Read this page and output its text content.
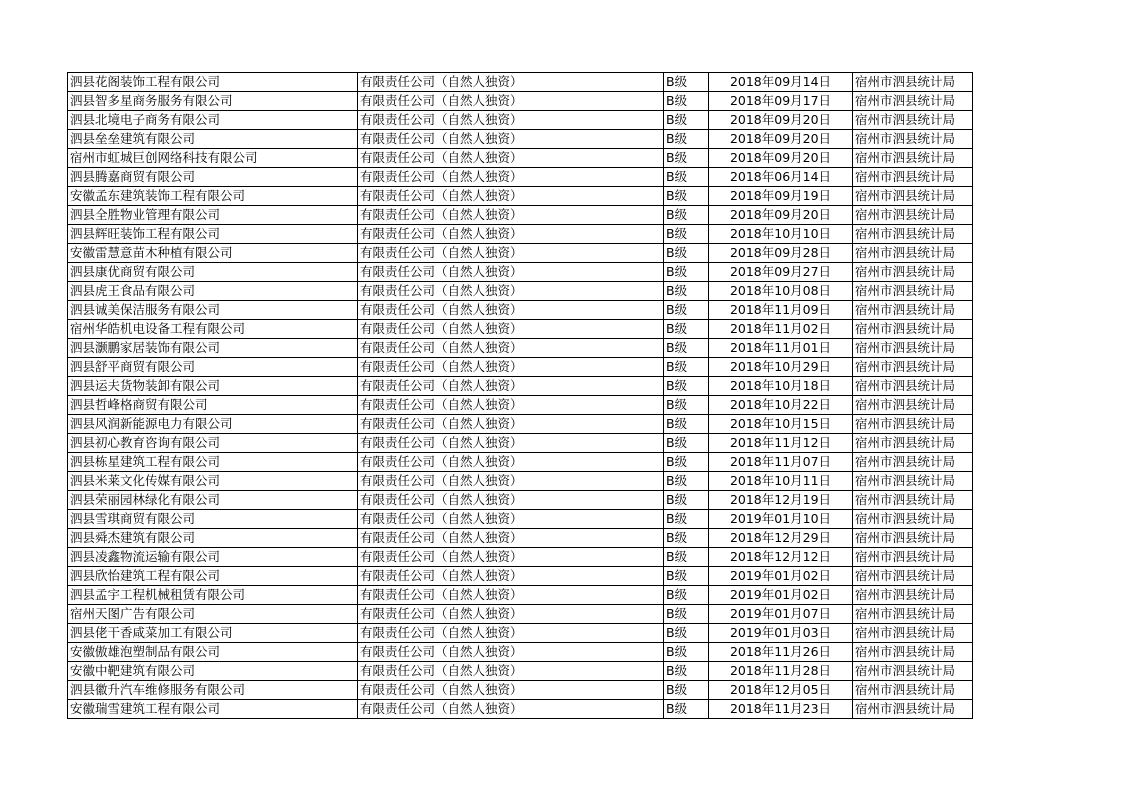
泗县花阁装饰工程有限公司	有限责任公司（自然人独资）	B级	2018年09月14日	宿州市泗县统计局
泗县智多星商务服务有限公司	有限责任公司（自然人独资）	B级	2018年09月17日	宿州市泗县统计局
泗县北境电子商务有限公司	有限责任公司（自然人独资）	B级	2018年09月20日	宿州市泗县统计局
泗县垒垒建筑有限公司	有限责任公司（自然人独资）	B级	2018年09月20日	宿州市泗县统计局
宿州市虹城巨创网络科技有限公司	有限责任公司（自然人独资）	B级	2018年09月20日	宿州市泗县统计局
泗县腾嘉商贸有限公司	有限责任公司（自然人独资）	B级	2018年06月14日	宿州市泗县统计局
安徽孟东建筑装饰工程有限公司	有限责任公司（自然人独资）	B级	2018年09月19日	宿州市泗县统计局
泗县全胜物业管理有限公司	有限责任公司（自然人独资）	B级	2018年09月20日	宿州市泗县统计局
泗县辉旺装饰工程有限公司	有限责任公司（自然人独资）	B级	2018年10月10日	宿州市泗县统计局
安徽雷慧意苗木种植有限公司	有限责任公司（自然人独资）	B级	2018年09月28日	宿州市泗县统计局
泗县康优商贸有限公司	有限责任公司（自然人独资）	B级	2018年09月27日	宿州市泗县统计局
泗县虎王食品有限公司	有限责任公司（自然人独资）	B级	2018年10月08日	宿州市泗县统计局
泗县诚美保洁服务有限公司	有限责任公司（自然人独资）	B级	2018年11月09日	宿州市泗县统计局
宿州华皓机电设备工程有限公司	有限责任公司（自然人独资）	B级	2018年11月02日	宿州市泗县统计局
泗县灏鹏家居装饰有限公司	有限责任公司（自然人独资）	B级	2018年11月01日	宿州市泗县统计局
泗县舒平商贸有限公司	有限责任公司（自然人独资）	B级	2018年10月29日	宿州市泗县统计局
泗县运夫货物装卸有限公司	有限责任公司（自然人独资）	B级	2018年10月18日	宿州市泗县统计局
泗县哲峰格商贸有限公司	有限责任公司（自然人独资）	B级	2018年10月22日	宿州市泗县统计局
泗县风润新能源电力有限公司	有限责任公司（自然人独资）	B级	2018年10月15日	宿州市泗县统计局
泗县初心教育咨询有限公司	有限责任公司（自然人独资）	B级	2018年11月12日	宿州市泗县统计局
泗县栋星建筑工程有限公司	有限责任公司（自然人独资）	B级	2018年11月07日	宿州市泗县统计局
泗县米莱文化传媒有限公司	有限责任公司（自然人独资）	B级	2018年10月11日	宿州市泗县统计局
泗县荣丽园林绿化有限公司	有限责任公司（自然人独资）	B级	2018年12月19日	宿州市泗县统计局
泗县雪琪商贸有限公司	有限责任公司（自然人独资）	B级	2019年01月10日	宿州市泗县统计局
泗县舜杰建筑有限公司	有限责任公司（自然人独资）	B级	2018年12月29日	宿州市泗县统计局
泗县凌鑫物流运输有限公司	有限责任公司（自然人独资）	B级	2018年12月12日	宿州市泗县统计局
泗县欣怡建筑工程有限公司	有限责任公司（自然人独资）	B级	2019年01月02日	宿州市泗县统计局
泗县孟宇工程机械租赁有限公司	有限责任公司（自然人独资）	B级	2019年01月02日	宿州市泗县统计局
宿州天图广告有限公司	有限责任公司（自然人独资）	B级	2019年01月07日	宿州市泗县统计局
泗县佬干香咸菜加工有限公司	有限责任公司（自然人独资）	B级	2019年01月03日	宿州市泗县统计局
安徽傲雄泡塑制品有限公司	有限责任公司（自然人独资）	B级	2018年11月26日	宿州市泗县统计局
安徽中靶建筑有限公司	有限责任公司（自然人独资）	B级	2018年11月28日	宿州市泗县统计局
泗县徽升汽车维修服务有限公司	有限责任公司（自然人独资）	B级	2018年12月05日	宿州市泗县统计局
安徽瑞雪建筑工程有限公司	有限责任公司（自然人独资）	B级	2018年11月23日	宿州市泗县统计局
